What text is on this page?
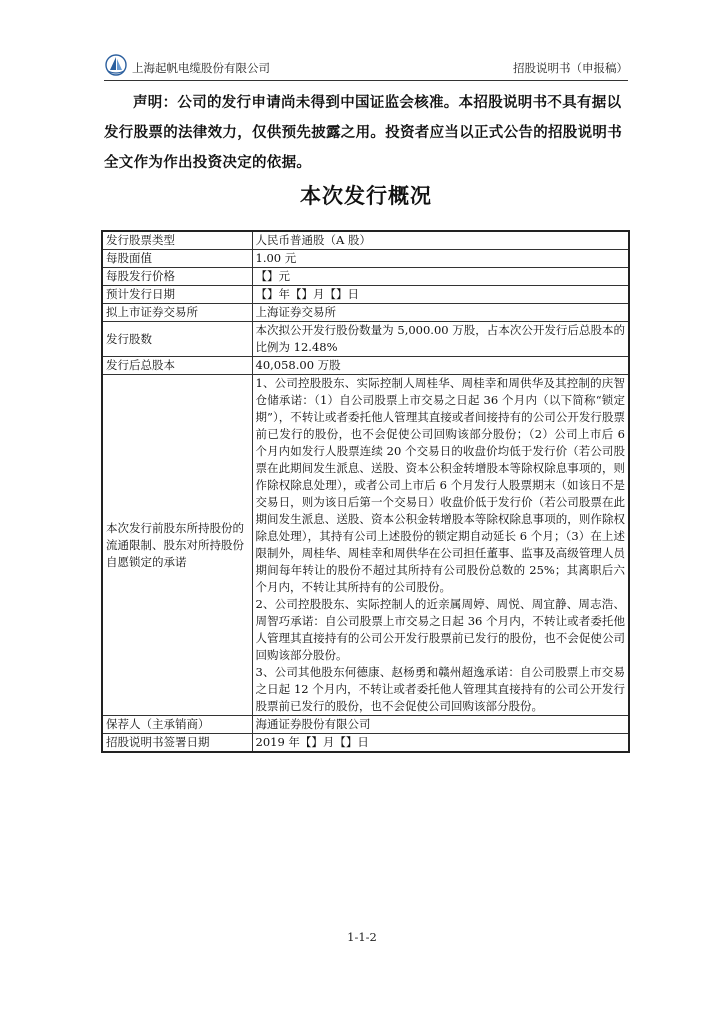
上海起帆电缆股份有限公司	招股说明书（申报稿）
声明：公司的发行申请尚未得到中国证监会核准。本招股说明书不具有据以发行股票的法律效力，仅供预先披露之用。投资者应当以正式公告的招股说明书全文作为作出投资决定的依据。
本次发行概况
发行股票类型	人民币普通股（A 股）
每股面值	1.00 元
每股发行价格	【】元
预计发行日期	【】年【】月【】日
拟上市证券交易所	上海证券交易所
发行股数	本次拟公开发行股份数量为 5,000.00 万股，占本次公开发行后总股本的比例为 12.48%
发行后总股本	40,058.00 万股
本次发行前股东所持股份的流通限制、股东对所持股份自愿锁定的承诺	1、公司控股股东、实际控制人周桂华、周桂幸和周供华及其控制的庆智仓储承诺：（1）自公司股票上市交易之日起 36 个月内（以下简称“锁定期”），不转让或者委托他人管理其直接或者间接持有的公司公开发行股票前已发行的股份，也不会促使公司回购该部分股份；（2）公司上市后 6 个月内如发行人股票连续 20 个交易日的收盘价均低于发行价（若公司股票在此期间发生派息、送股、资本公积金转增股本等除权除息事项的，则作除权除息处理），或者公司上市后 6 个月发行人股票期末（如该日不是交易日，则为该日后第一个交易日）收盘价低于发行价（若公司股票在此期间发生派息、送股、资本公积金转增股本等除权除息事项的，则作除权除息处理），其持有公司上述股份的锁定期自动延长 6 个月；（3）在上述限制外，周桂华、周桂幸和周供华在公司担任董事、监事及高级管理人员期间每年转让的股份不超过其所持有公司股份总数的 25%；其离职后六个月内，不转让其所持有的公司股份。
2、公司控股股东、实际控制人的近亲属周婷、周悦、周宜静、周志浩、周智巧承诺：自公司股票上市交易之日起 36 个月内，不转让或者委托他人管理其直接持有的公司公开发行股票前已发行的股份，也不会促使公司回购该部分股份。
3、公司其他股东何德康、赵杨勇和赣州超逸承诺：自公司股票上市交易之日起 12 个月内，不转让或者委托他人管理其直接持有的公司公开发行股票前已发行的股份，也不会促使公司回购该部分股份。

保荐人（主承销商）	海通证券股份有限公司
招股说明书签署日期	2019 年【】月【】日
1-1-2
